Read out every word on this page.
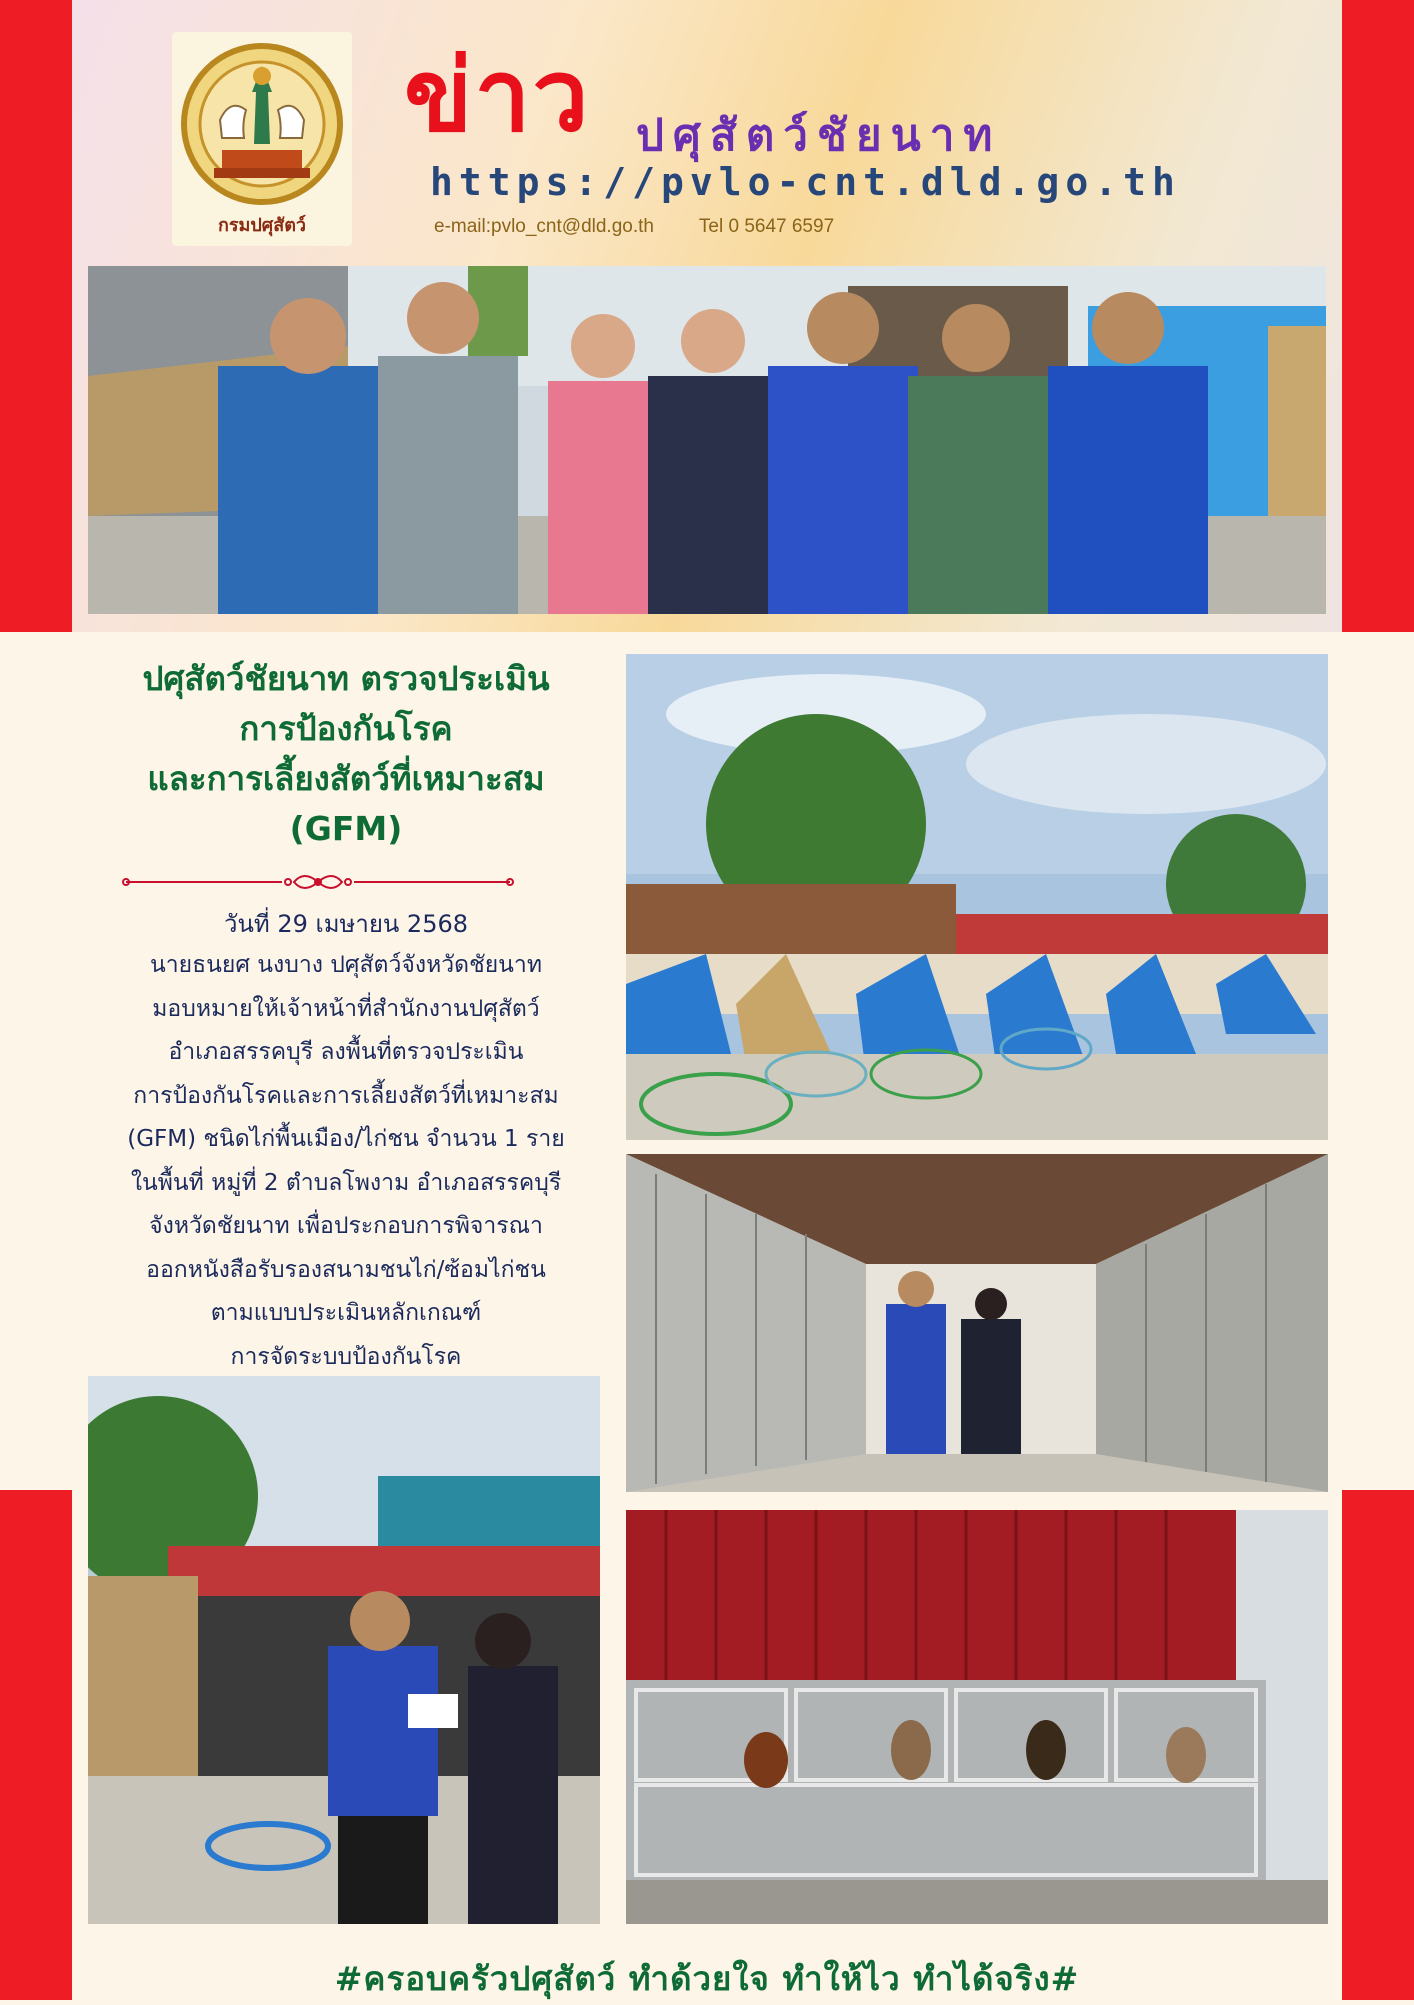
กรมปศุสัตว์
ข่าว ปศุสัตว์ชัยนาท
https://pvlo-cnt.dld.go.th
e-mail:pvlo_cnt@dld.go.th Tel 0 5647 6597
ปศุสัตว์ชัยนาท ตรวจประเมิน
การป้องกันโรค
และการเลี้ยงสัตว์ที่เหมาะสม
(GFM)
วันที่ 29 เมษายน 2568
นายธนยศ นงบาง ปศุสัตว์จังหวัดชัยนาท
มอบหมายให้เจ้าหน้าที่สำนักงานปศุสัตว์
อำเภอสรรคบุรี ลงพื้นที่ตรวจประเมิน
การป้องกันโรคและการเลี้ยงสัตว์ที่เหมาะสม
(GFM) ชนิดไก่พื้นเมือง/ไก่ชน จำนวน 1 ราย
ในพื้นที่ หมู่ที่ 2 ตำบลโพงาม อำเภอสรรคบุรี
จังหวัดชัยนาท เพื่อประกอบการพิจารณา
ออกหนังสือรับรองสนามชนไก่/ซ้อมไก่ชน
ตามแบบประเมินหลักเกณฑ์
การจัดระบบป้องกันโรค
#ครอบครัวปศุสัตว์ ทำด้วยใจ ทำให้ไว ทำได้จริง#
